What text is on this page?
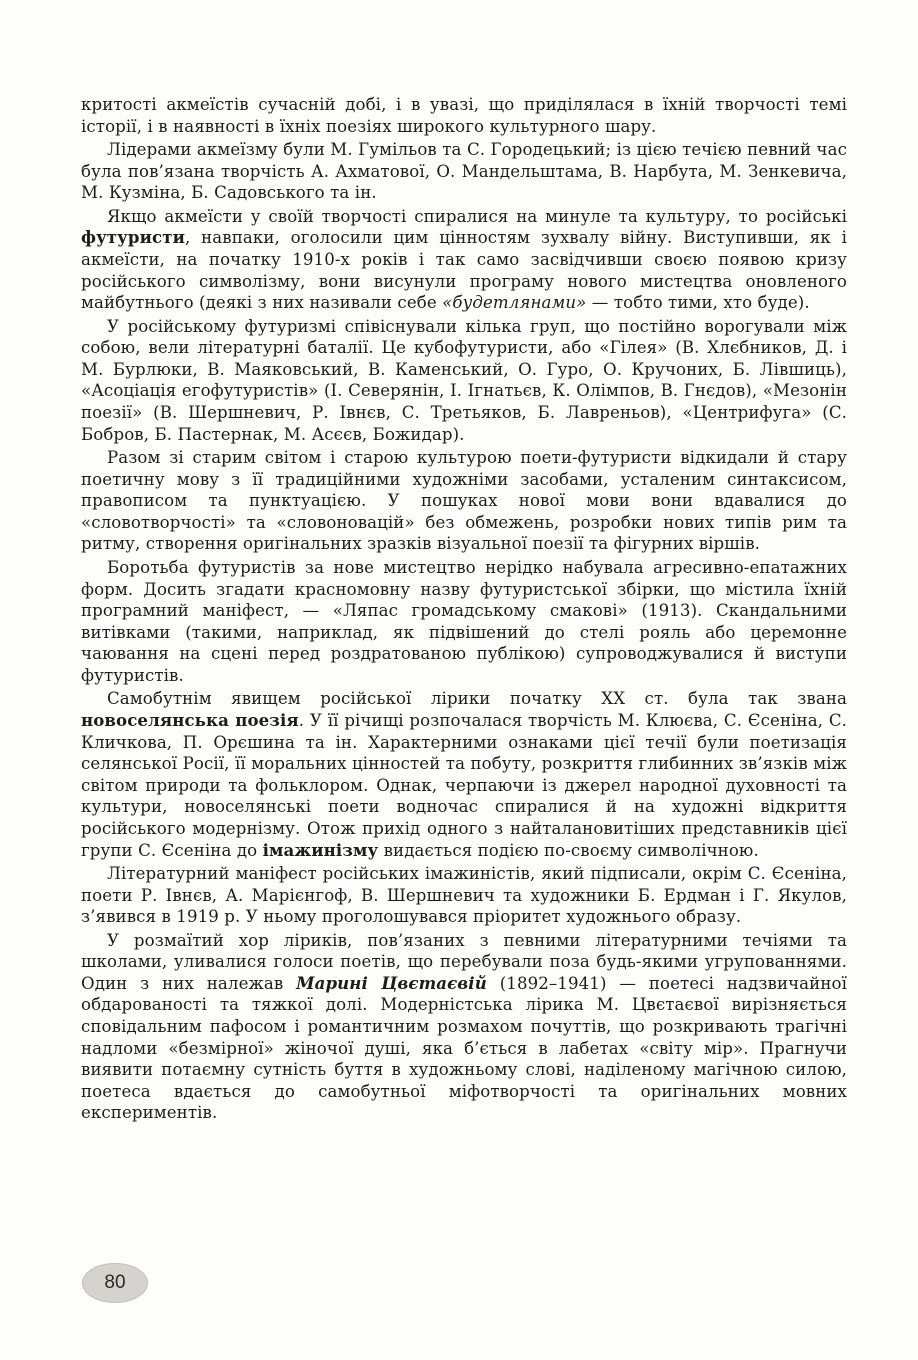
критості акмеїстів сучасній добі, і в увазі, що приділялася в їхній творчості темі історії, і в наявності в їхніх поезіях широкого культурного шару.

Лідерами акмеїзму були М. Гумільов та С. Городецький; із цією течією певний час була пов’язана творчість А. Ахматової, О. Мандельштама, В. Нарбута, М. Зенкевича, М. Кузміна, Б. Садовського та ін.

Якщо акмеїсти у своїй творчості спиралися на минуле та культуру, то російські футуристи, навпаки, оголосили цим цінностям зухвалу війну. Виступивши, як і акмеїсти, на початку 1910-х років і так само засвідчивши своєю появою кризу російського символізму, вони висунули програму нового мистецтва оновленого майбутнього (деякі з них називали себе «будетлянами» — тобто тими, хто буде).

У російському футуризмі співіснували кілька груп, що постійно ворогували між собою, вели літературні баталії. Це кубофутуристи, або «Гілея» (В. Хлєбников, Д. і М. Бурлюки, В. Маяковський, В. Каменський, О. Гуро, О. Кручоних, Б. Лівшиць), «Асоціація егофутуристів» (І. Северянін, І. Ігнатьєв, К. Олімпов, В. Гнєдов), «Мезонін поезії» (В. Шершневич, Р. Івнєв, С. Третьяков, Б. Лавреньов), «Центрифуга» (С. Бобров, Б. Пастернак, М. Асєєв, Божидар).

Разом зі старим світом і старою культурою поети-футуристи відкидали й стару поетичну мову з її традиційними художніми засобами, усталеним синтаксисом, правописом та пунктуацією. У пошуках нової мови вони вдавалися до «словотворчості» та «словоновацій» без обмежень, розробки нових типів рим та ритму, створення оригінальних зразків візуальної поезії та фігурних віршів.

Боротьба футуристів за нове мистецтво нерідко набувала агресивно-епатажних форм. Досить згадати красномовну назву футуристської збірки, що містила їхній програмний маніфест, — «Ляпас громадському смакові» (1913). Скандальними витівками (такими, наприклад, як підвішений до стелі рояль або церемонне чаювання на сцені перед роздратованою публікою) супроводжувалися й виступи футуристів.

Самобутнім явищем російської лірики початку XX ст. була так звана новоселянська поезія. У її річищі розпочалася творчість М. Клюєва, С. Єсеніна, С. Кличкова, П. Орєшина та ін. Характерними ознаками цієї течії були поетизація селянської Росії, її моральних цінностей та побуту, розкриття глибинних зв’язків між світом природи та фольклором. Однак, черпаючи із джерел народної духовності та культури, новоселянські поети водночас спиралися й на художні відкриття російського модернізму. Отож прихід одного з найталановитіших представників цієї групи С. Єсеніна до імажинізму видається подією по-своєму символічною.

Літературний маніфест російських імажиністів, який підписали, окрім С. Єсеніна, поети Р. Івнєв, А. Марієнгоф, В. Шершневич та художники Б. Ердман і Г. Якулов, з’явився в 1919 р. У ньому проголошувався пріоритет художнього образу.

У розмаїтий хор ліриків, пов’язаних з певними літературними течіями та школами, уливалися голоси поетів, що перебували поза будь-якими угрупованнями. Один з них належав Марині Цвєтаєвій (1892–1941) — поетесі надзвичайної обдарованості та тяжкої долі. Модерністська лірика М. Цвєтаєвої вирізняється сповідальним пафосом і романтичним розмахом почуттів, що розкривають трагічні надломи «безмірної» жіночої душі, яка б’ється в лабетах «світу мір». Прагнучи виявити потаємну сутність буття в художньому слові, наділеному магічною силою, поетеса вдається до самобутньої міфотворчості та оригінальних мовних експериментів.

80
